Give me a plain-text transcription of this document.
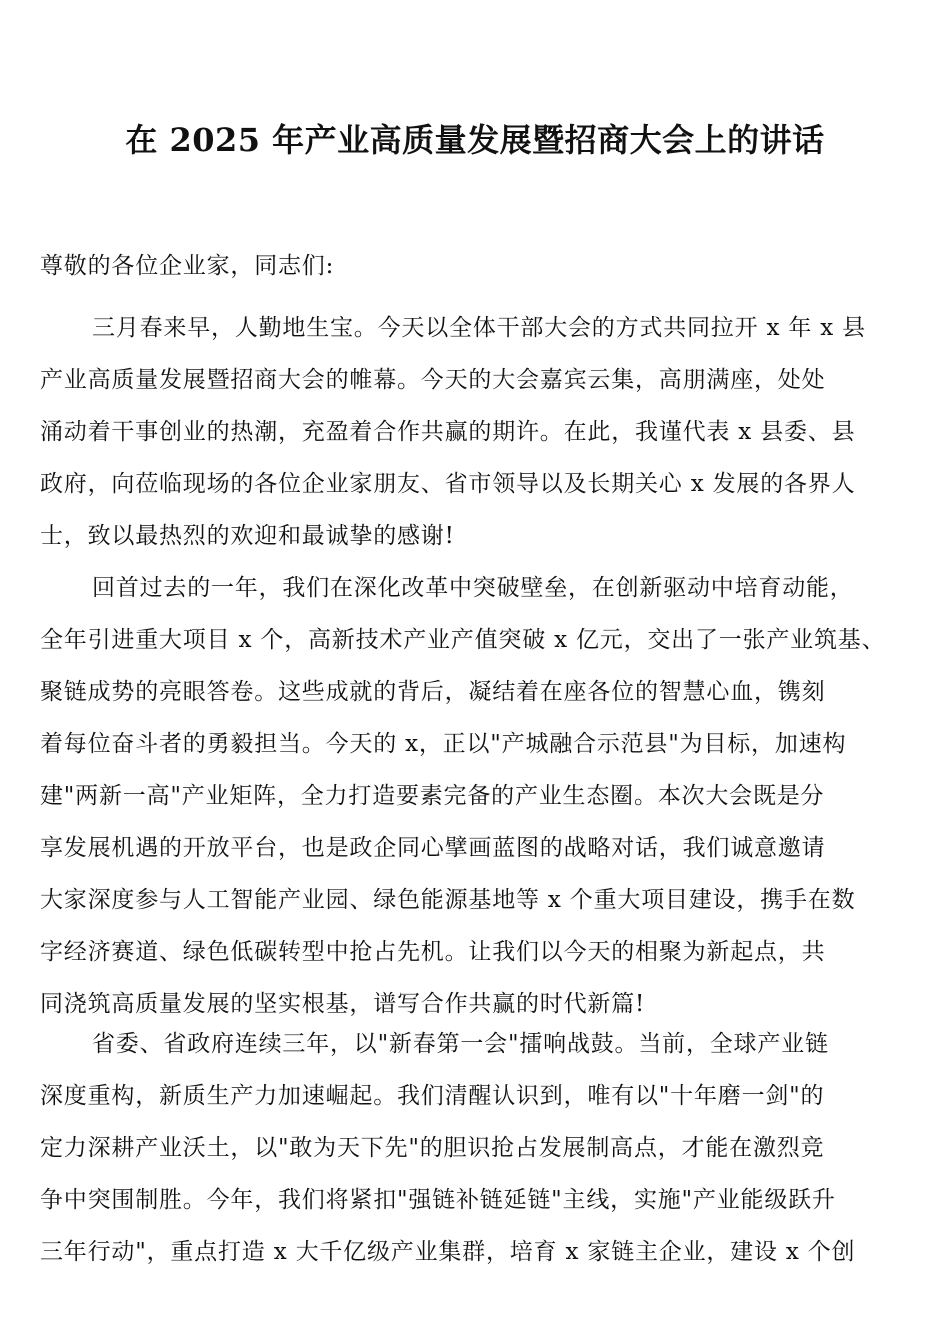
在 2025 年产业高质量发展暨招商大会上的讲话
尊敬的各位企业家，同志们:
三月春来早，人勤地生宝。今天以全体干部大会的方式共同拉开 x 年 x 县
产业高质量发展暨招商大会的帷幕。今天的大会嘉宾云集，高朋满座，处处
涌动着干事创业的热潮，充盈着合作共赢的期许。在此，我谨代表 x 县委、县
政府，向莅临现场的各位企业家朋友、省市领导以及长期关心 x 发展的各界人
士，致以最热烈的欢迎和最诚挚的感谢!
回首过去的一年，我们在深化改革中突破壁垒，在创新驱动中培育动能，
全年引进重大项目 x 个，高新技术产业产值突破 x 亿元，交出了一张产业筑基、
聚链成势的亮眼答卷。这些成就的背后，凝结着在座各位的智慧心血，镌刻
着每位奋斗者的勇毅担当。今天的 x，正以"产城融合示范县"为目标，加速构
建"两新一高"产业矩阵，全力打造要素完备的产业生态圈。本次大会既是分
享发展机遇的开放平台，也是政企同心擘画蓝图的战略对话，我们诚意邀请
大家深度参与人工智能产业园、绿色能源基地等 x 个重大项目建设，携手在数
字经济赛道、绿色低碳转型中抢占先机。让我们以今天的相聚为新起点，共
同浇筑高质量发展的坚实根基，谱写合作共赢的时代新篇!
省委、省政府连续三年，以"新春第一会"擂响战鼓。当前，全球产业链
深度重构，新质生产力加速崛起。我们清醒认识到，唯有以"十年磨一剑"的
定力深耕产业沃土，以"敢为天下先"的胆识抢占发展制高点，才能在激烈竞
争中突围制胜。今年，我们将紧扣"强链补链延链"主线，实施"产业能级跃升
三年行动"，重点打造 x 大千亿级产业集群，培育 x 家链主企业，建设 x 个创
